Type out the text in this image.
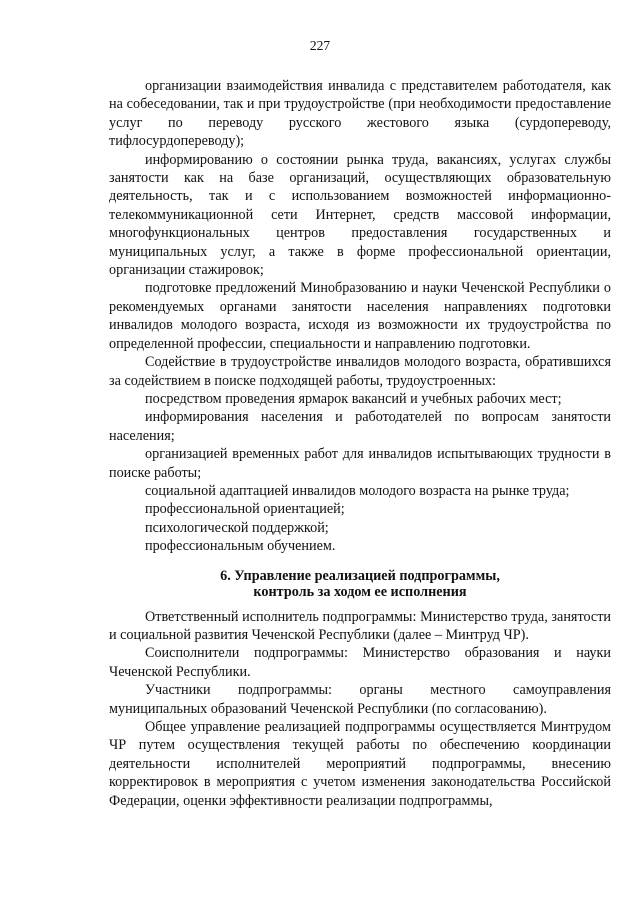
227

организации взаимодействия инвалида с представителем работодателя, как на собеседовании, так и при трудоустройстве (при необходимости предоставление услуг по переводу русского жестового языка (сурдопереводу, тифлосурдопереводу);

информированию о состоянии рынка труда, вакансиях, услугах службы занятости как на базе организаций, осуществляющих образовательную деятельность, так и с использованием возможностей информационно-телекоммуникационной сети Интернет, средств массовой информации, многофункциональных центров предоставления государственных и муниципальных услуг, а также в форме профессиональной ориентации, организации стажировок;

подготовке предложений Минобразованию и науки Чеченской Республики о рекомендуемых органами занятости населения направлениях подготовки инвалидов молодого возраста, исходя из возможности их трудоустройства по определенной профессии, специальности и направлению подготовки.

Содействие в трудоустройстве инвалидов молодого возраста, обратившихся за содействием в поиске подходящей работы, трудоустроенных:

посредством проведения ярмарок вакансий и учебных рабочих мест;

информирования населения и работодателей по вопросам занятости населения;

организацией временных работ для инвалидов испытывающих трудности в поиске работы;

социальной адаптацией инвалидов молодого возраста на рынке труда;

профессиональной ориентацией;

психологической поддержкой;

профессиональным обучением.

6. Управление реализацией подпрограммы,
контроль за ходом ее исполнения

Ответственный исполнитель подпрограммы: Министерство труда, занятости и социальной развития Чеченской Республики (далее – Минтруд ЧР).

Соисполнители подпрограммы: Министерство образования и науки Чеченской Республики.

Участники подпрограммы: органы местного самоуправления муниципальных образований Чеченской Республики (по согласованию).

Общее управление реализацией подпрограммы осуществляется Минтрудом ЧР путем осуществления текущей работы по обеспечению координации деятельности исполнителей мероприятий подпрограммы, внесению корректировок в мероприятия с учетом изменения законодательства Российской Федерации, оценки эффективности реализации подпрограммы,
